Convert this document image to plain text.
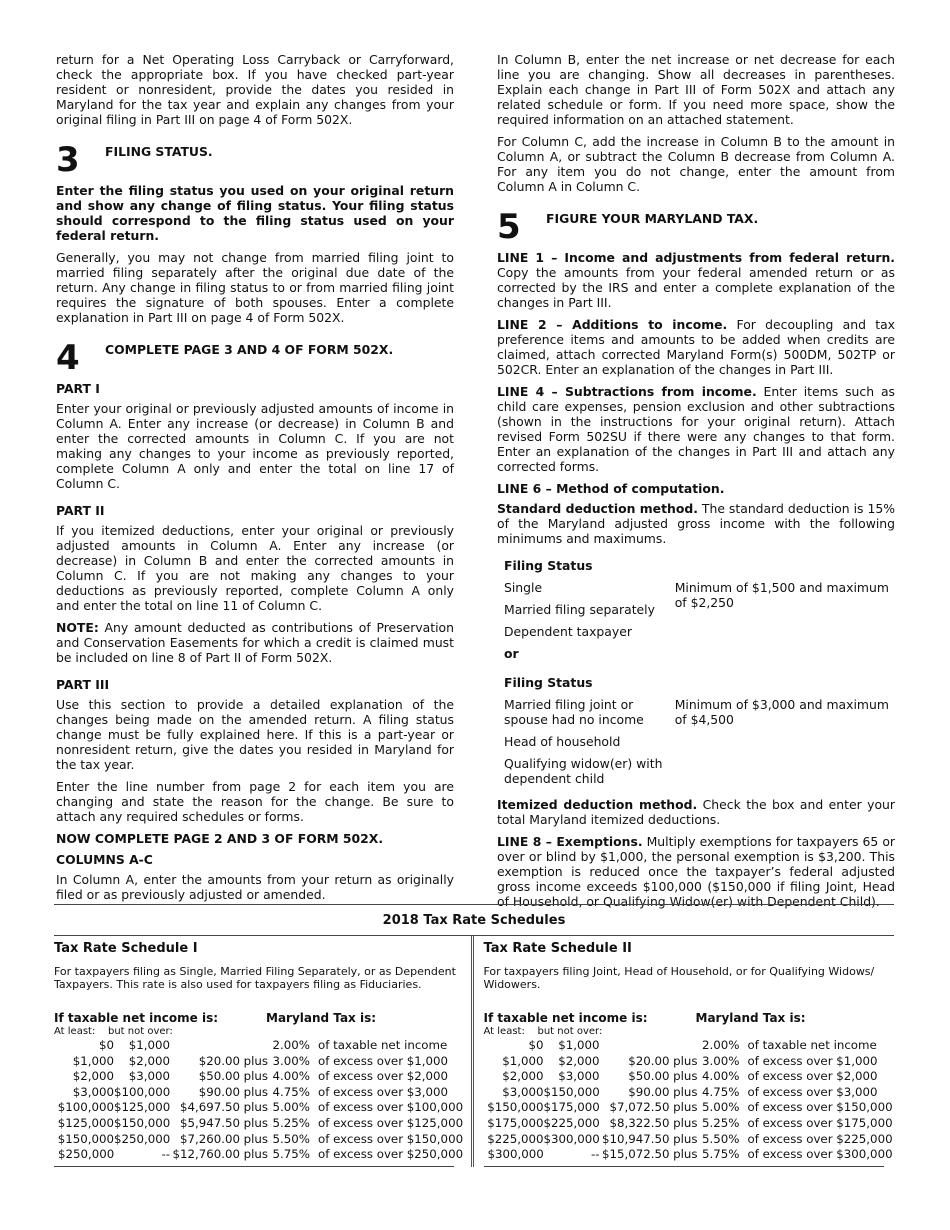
return for a Net Operating Loss Carryback or Carryforward, check the appropriate box. If you have checked part-year resident or nonresident, provide the dates you resided in Maryland for the tax year and explain any changes from your original filing in Part III on page 4 of Form 502X.

3	FILING STATUS.

Enter the filing status you used on your original return and show any change of filing status. Your filing status should correspond to the filing status used on your federal return.

Generally, you may not change from married filing joint to married filing separately after the original due date of the return. Any change in filing status to or from married filing joint requires the signature of both spouses. Enter a complete explanation in Part III on page 4 of Form 502X.

4	COMPLETE PAGE 3 AND 4 OF FORM 502X.
PART I

Enter your original or previously adjusted amounts of income in Column A. Enter any increase (or decrease) in Column B and enter the corrected amounts in Column C. If you are not making any changes to your income as previously reported, complete Column A only and enter the total on line 17 of Column C.

PART II

If you itemized deductions, enter your original or previously adjusted amounts in Column A. Enter any increase (or decrease) in Column B and enter the corrected amounts in Column C. If you are not making any changes to your deductions as previously reported, complete Column A only and enter the total on line 11 of Column C.

NOTE: Any amount deducted as contributions of Preservation and Conservation Easements for which a credit is claimed must be included on line 8 of Part II of Form 502X.

PART III

Use this section to provide a detailed explanation of the changes being made on the amended return. A filing status change must be fully explained here. If this is a part-year or nonresident return, give the dates you resided in Maryland for the tax year.

Enter the line number from page 2 for each item you are changing and state the reason for the change. Be sure to attach any required schedules or forms.

NOW COMPLETE PAGE 2 AND 3 OF FORM 502X.
COLUMNS A-C

In Column A, enter the amounts from your return as originally filed or as previously adjusted or amended.

In Column B, enter the net increase or net decrease for each line you are changing. Show all decreases in parentheses. Explain each change in Part III of Form 502X and attach any related schedule or form. If you need more space, show the required information on an attached statement.

For Column C, add the increase in Column B to the amount in Column A, or subtract the Column B decrease from Column A. For any item you do not change, enter the amount from Column A in Column C.

5	FIGURE YOUR MARYLAND TAX.

LINE 1 – Income and adjustments from federal return. Copy the amounts from your federal amended return or as corrected by the IRS and enter a complete explanation of the changes in Part III.

LINE 2 – Additions to income. For decoupling and tax preference items and amounts to be added when credits are claimed, attach corrected Maryland Form(s) 500DM, 502TP or 502CR. Enter an explanation of the changes in Part III.

LINE 4 – Subtractions from income. Enter items such as child care expenses, pension exclusion and other subtractions (shown in the instructions for your original return). Attach revised Form 502SU if there were any changes to that form. Enter an explanation of the changes in Part III and attach any corrected forms.

LINE 6 – Method of computation.

Standard deduction method. The standard deduction is 15% of the Maryland adjusted gross income with the following minimums and maximums.

Filing Status
Single
Married filing separately
Dependent taxpayer
Minimum of $1,500 and maximum of $2,250
or
Filing Status
Married filing joint or spouse had no income
Head of household
Qualifying widow(er) with dependent child
Minimum of $3,000 and maximum of $4,500

Itemized deduction method. Check the box and enter your total Maryland itemized deductions.

LINE 8 – Exemptions. Multiply exemptions for taxpayers 65 or over or blind by $1,000, the personal exemption is $3,200. This exemption is reduced once the taxpayer’s federal adjusted gross income exceeds $100,000 ($150,000 if filing Joint, Head of Household, or Qualifying Widow(er) with Dependent Child).

2018 Tax Rate Schedules
Tax Rate Schedule I
For taxpayers filing as Single, Married Filing Separately, or as Dependent Taxpayers. This rate is also used for taxpayers filing as Fiduciaries.
If taxable net income is:	Maryland Tax is:
At least:	but not over:
$0	$1,000	2.00% of taxable net income
$1,000	$2,000	$20.00 plus 3.00% of excess over $1,000
$2,000	$3,000	$50.00 plus 4.00% of excess over $2,000
$3,000 $100,000	$90.00 plus 4.75% of excess over $3,000
$100,000 $125,000 $4,697.50 plus 5.00% of excess over $100,000
$125,000 $150,000 $5,947.50 plus 5.25% of excess over $125,000
$150,000 $250,000 $7,260.00 plus 5.50% of excess over $150,000
$250,000	-- $12,760.00 plus 5.75% of excess over $250,000
Tax Rate Schedule II
For taxpayers filing Joint, Head of Household, or for Qualifying Widows/ Widowers.
If taxable net income is:	Maryland Tax is:
At least:	but not over:
$0	$1,000	2.00% of taxable net income
$1,000	$2,000	$20.00 plus 3.00% of excess over $1,000
$2,000	$3,000	$50.00 plus 4.00% of excess over $2,000
$3,000 $150,000	$90.00 plus 4.75% of excess over $3,000
$150,000 $175,000 $7,072.50 plus 5.00% of excess over $150,000
$175,000 $225,000 $8,322.50 plus 5.25% of excess over $175,000
$225,000 $300,000 $10,947.50 plus 5.50% of excess over $225,000
$300,000	-- $15,072.50 plus 5.75% of excess over $300,000
